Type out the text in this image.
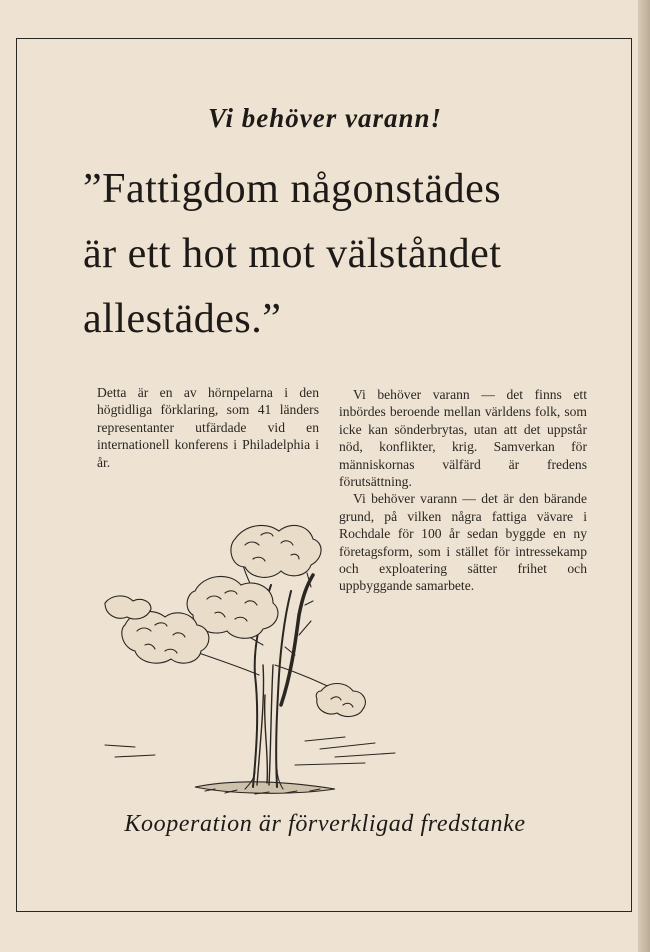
Vi behöver varann!
”Fattigdom någonstädes
är ett hot mot välståndet
allestädes.”

Detta är en av hörnpelarna i den högtidliga förklaring, som 41 länders representanter utfärdade vid en internationell konferens i Philadelphia i år.

Vi behöver varann — det finns ett inbördes beroende mellan världens folk, som icke kan sönderbrytas, utan att det uppstår nöd, konflikter, krig. Samverkan för människornas välfärd är fredens förutsättning.

Vi behöver varann — det är den bärande grund, på vilken några fattiga vävare i Rochdale för 100 år sedan byggde en ny företagsform, som i stället för intressekamp och exploatering sätter frihet och uppbyggande samarbete.

Kooperation är förverkligad fredstanke
